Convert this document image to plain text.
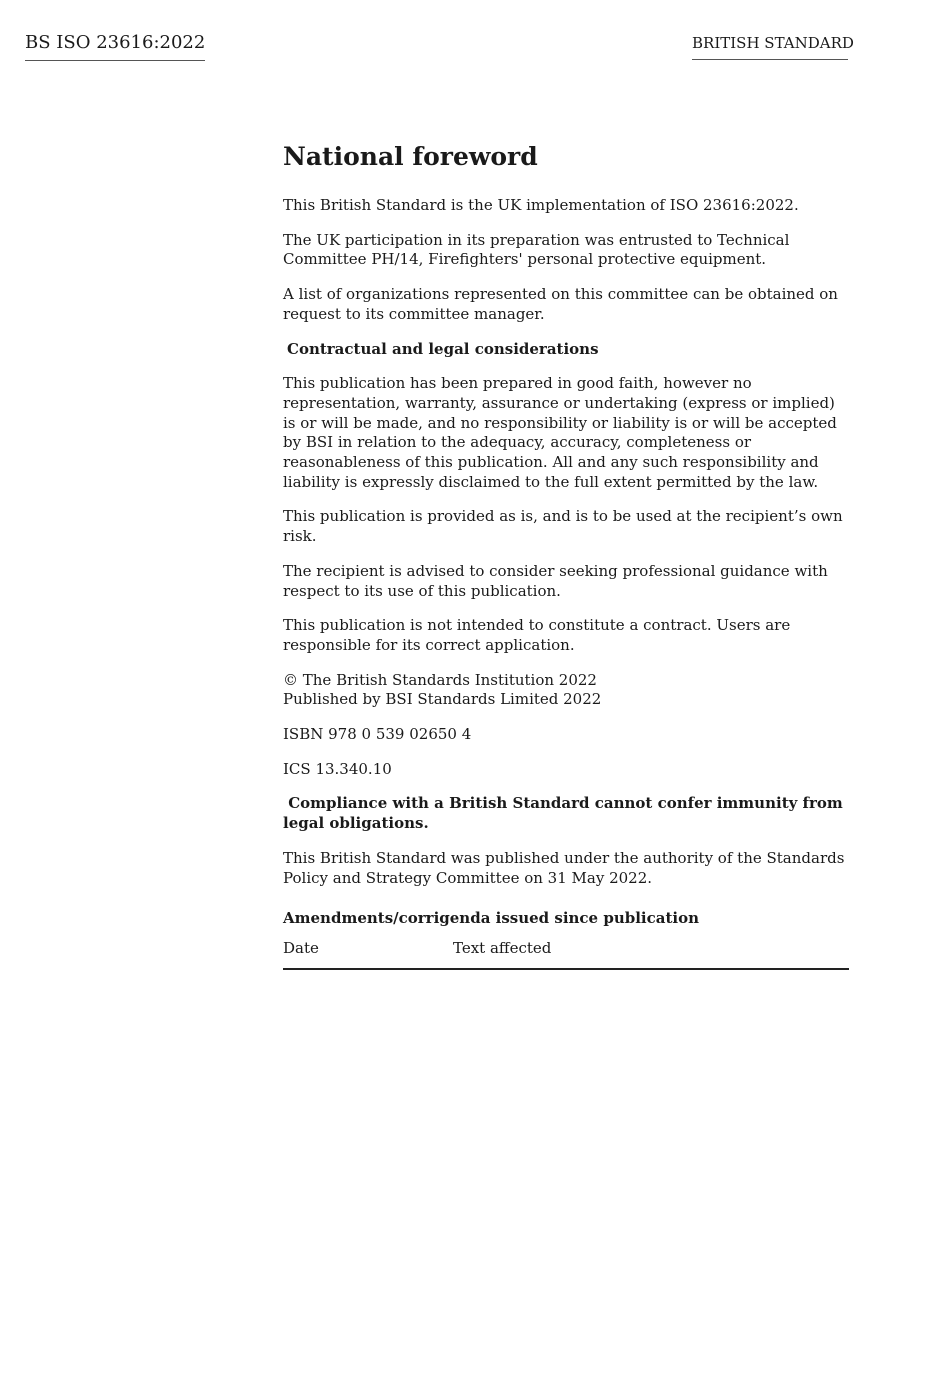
BS ISO 23616:2022	BRITISH STANDARD
National foreword

This British Standard is the UK implementation of ISO 23616:2022.

The UK participation in its preparation was entrusted to Technical Committee PH/14, Firefighters' personal protective equipment.

A list of organizations represented on this committee can be obtained on request to its committee manager.

Contractual and legal considerations

This publication has been prepared in good faith, however no representation, warranty, assurance or undertaking (express or implied) is or will be made, and no responsibility or liability is or will be accepted by BSI in relation to the adequacy, accuracy, completeness or reasonableness of this publication. All and any such responsibility and liability is expressly disclaimed to the full extent permitted by the law.

This publication is provided as is, and is to be used at the recipient’s own risk.

The recipient is advised to consider seeking professional guidance with respect to its use of this publication.

This publication is not intended to constitute a contract. Users are responsible for its correct application.

© The British Standards Institution 2022
Published by BSI Standards Limited 2022

ISBN 978 0 539 02650 4

ICS 13.340.10

Compliance with a British Standard cannot confer immunity from legal obligations.

This British Standard was published under the authority of the Standards Policy and Strategy Committee on 31 May 2022.

Amendments/corrigenda issued since publication

Date	Text affected
